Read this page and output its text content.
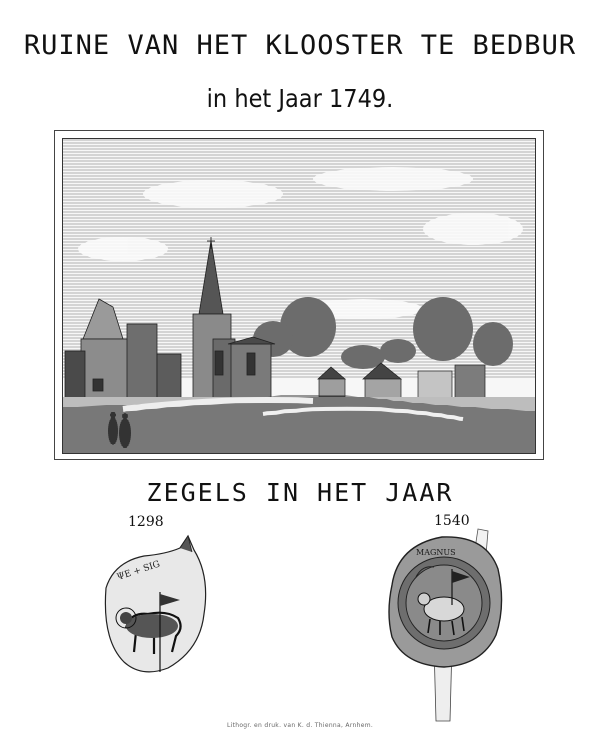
RUINE VAN HET KLOOSTER TE BEDBUR
in het Jaar 1749.
ZEGELS IN HET JAAR
1298	1540
ΨE + SIG
MAGNUS
Lithogr. en druk. van K. d. Thienna, Arnhem.
